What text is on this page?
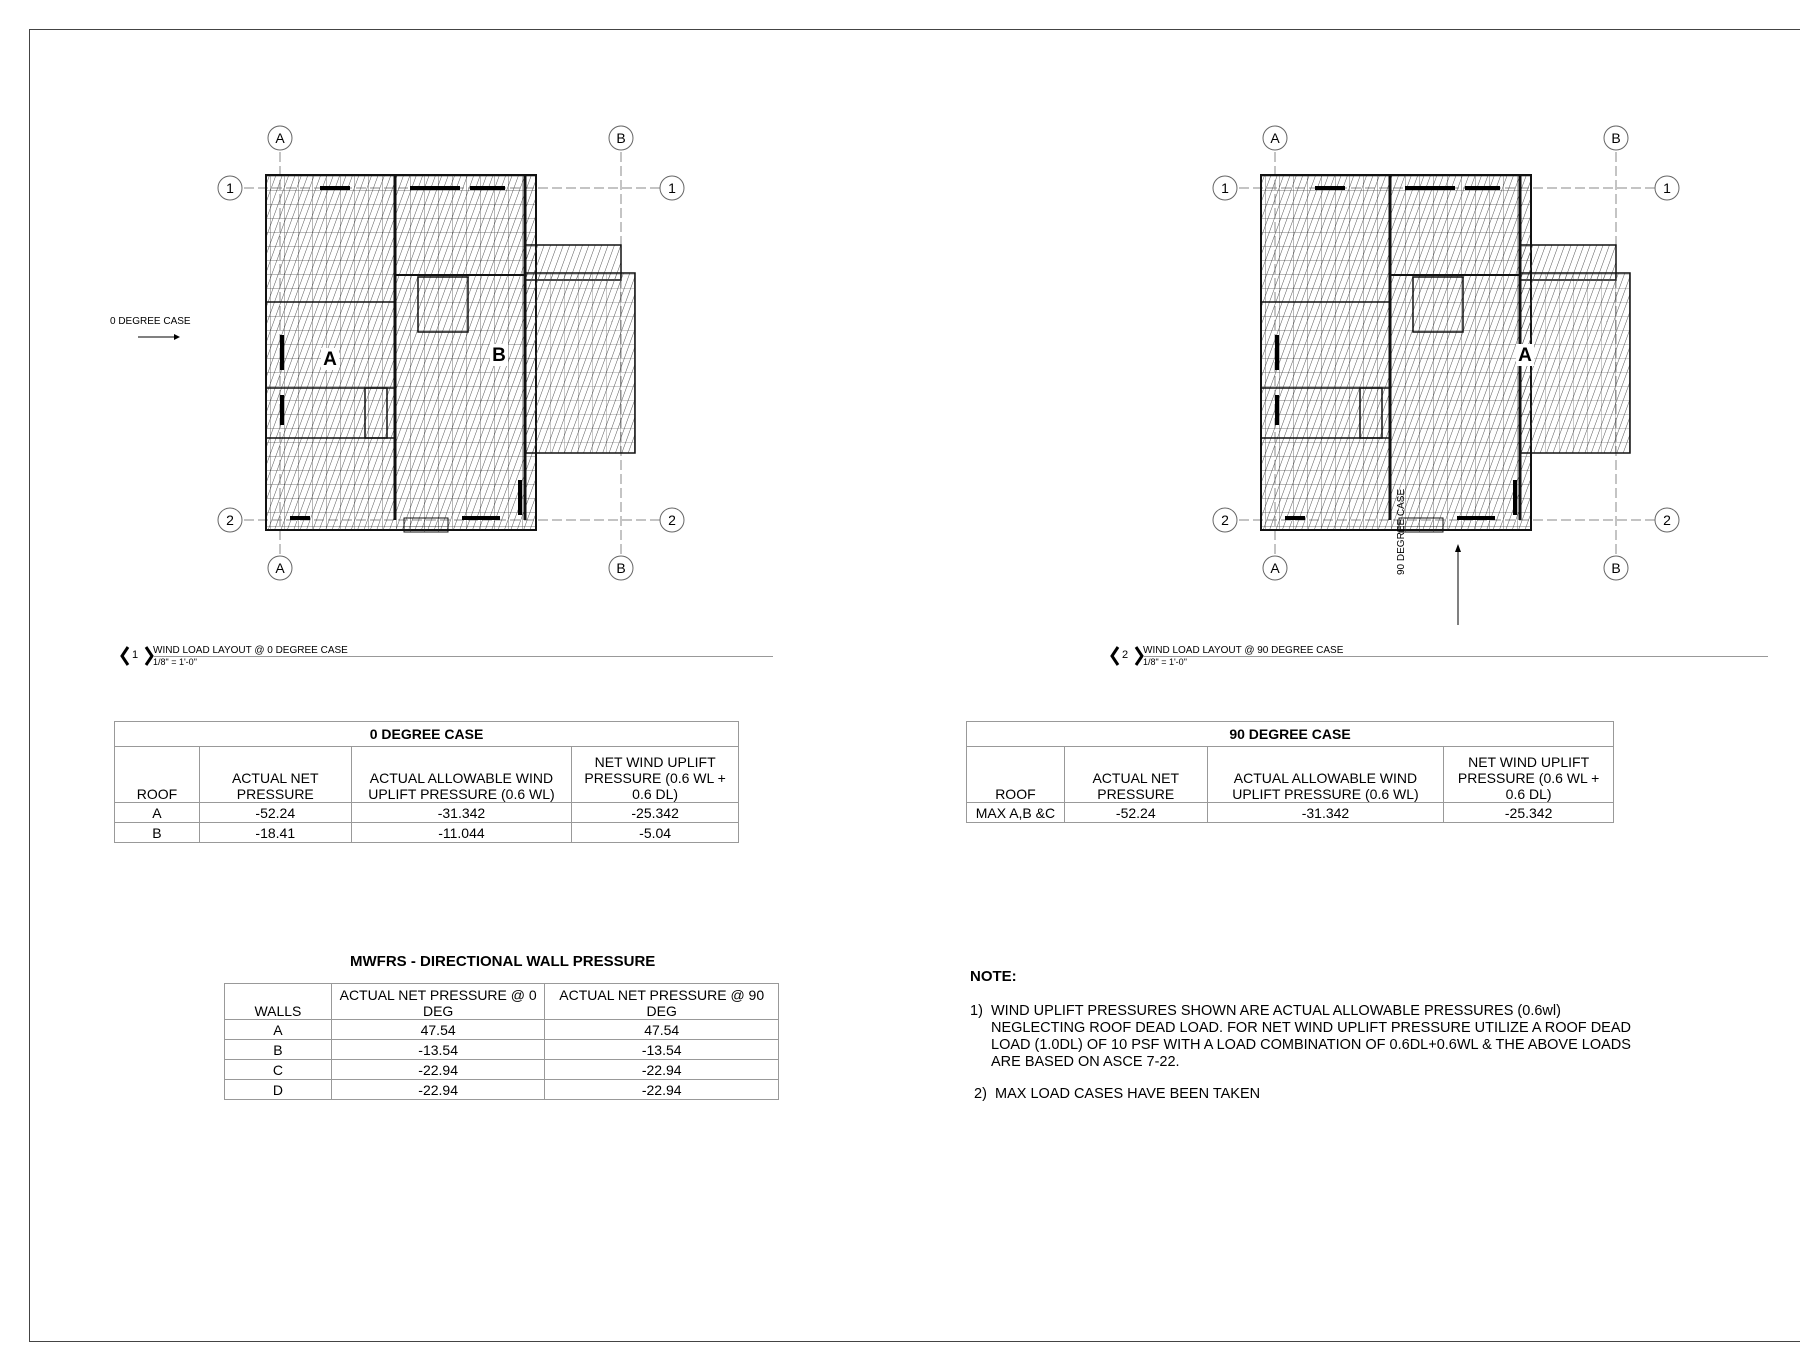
A	B
A	B
1	1
2	2
A	B
0 DEGREE CASE
1 WIND LOAD LAYOUT @ 0 DEGREE CASE
1/8" = 1'-0"
A	B
A	B
1	1
2	2
A
90 DEGREE CASE
2 WIND LOAD LAYOUT @ 90 DEGREE CASE
1/8" = 1'-0"
0 DEGREE CASE			
ROOF	ACTUAL NET PRESSURE	ACTUAL ALLOWABLE WIND UPLIFT PRESSURE (0.6 WL)	NET WIND UPLIFT PRESSURE (0.6 WL + 0.6 DL)
A	-52.24	-31.342	-25.342
B	-18.41	-11.044	-5.04
90 DEGREE CASE			
ROOF	ACTUAL NET PRESSURE	ACTUAL ALLOWABLE WIND UPLIFT PRESSURE (0.6 WL)	NET WIND UPLIFT PRESSURE (0.6 WL + 0.6 DL)
MAX A,B &C	-52.24	-31.342	-25.342
MWFRS - DIRECTIONAL WALL PRESSURE
WALLS	ACTUAL NET PRESSURE @ 0 DEG	ACTUAL NET PRESSURE @ 90 DEG
A	47.54	47.54
B	-13.54	-13.54
C	-22.94	-22.94
D	-22.94	-22.94
NOTE:
1) WIND UPLIFT PRESSURES SHOWN ARE ACTUAL ALLOWABLE PRESSURES (0.6wl) NEGLECTING ROOF DEAD LOAD. FOR NET WIND UPLIFT PRESSURE UTILIZE A ROOF DEAD LOAD (1.0DL) OF 10 PSF WITH A LOAD COMBINATION OF 0.6DL+0.6WL & THE ABOVE LOADS ARE BASED ON ASCE 7-22.
2) MAX LOAD CASES HAVE BEEN TAKEN
